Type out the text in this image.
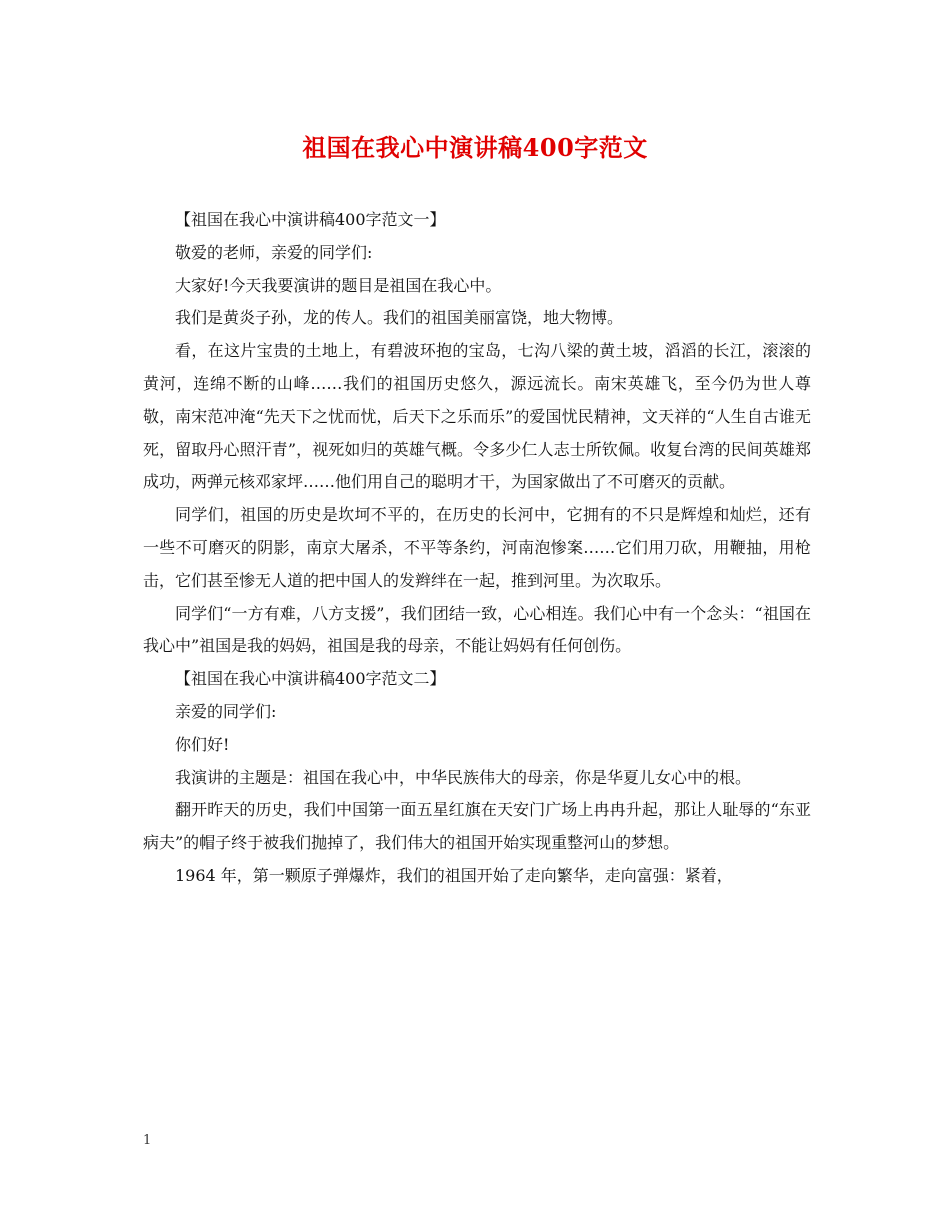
祖国在我心中演讲稿400字范文

【祖国在我心中演讲稿400字范文一】

敬爱的老师，亲爱的同学们:

大家好!今天我要演讲的题目是祖国在我心中。

我们是黄炎子孙，龙的传人。我们的祖国美丽富饶，地大物博。

看，在这片宝贵的土地上，有碧波环抱的宝岛，七沟八梁的黄土坡，滔滔的长江，滚滚的黄河，连绵不断的山峰……我们的祖国历史悠久，源远流长。南宋英雄飞，至今仍为世人尊敬，南宋范冲淹“先天下之忧而忧，后天下之乐而乐”的爱国忧民精神，文天祥的“人生自古谁无死，留取丹心照汗青”，视死如归的英雄气概。令多少仁人志士所钦佩。收复台湾的民间英雄郑成功，两弹元核邓家坪……他们用自己的聪明才干，为国家做出了不可磨灭的贡献。

同学们，祖国的历史是坎坷不平的，在历史的长河中，它拥有的不只是辉煌和灿烂，还有一些不可磨灭的阴影，南京大屠杀，不平等条约，河南泡惨案……它们用刀砍，用鞭抽，用枪击，它们甚至惨无人道的把中国人的发辫绊在一起，推到河里。为次取乐。

同学们“一方有难，八方支援”，我们团结一致，心心相连。我们心中有一个念头：“祖国在我心中”祖国是我的妈妈，祖国是我的母亲，不能让妈妈有任何创伤。

【祖国在我心中演讲稿400字范文二】

亲爱的同学们:

你们好!

我演讲的主题是：祖国在我心中，中华民族伟大的母亲，你是华夏儿女心中的根。

翻开昨天的历史，我们中国第一面五星红旗在天安门广场上冉冉升起，那让人耻辱的“东亚病夫”的帽子终于被我们抛掉了，我们伟大的祖国开始实现重整河山的梦想。

1964 年，第一颗原子弹爆炸，我们的祖国开始了走向繁华，走向富强：紧着，

1
